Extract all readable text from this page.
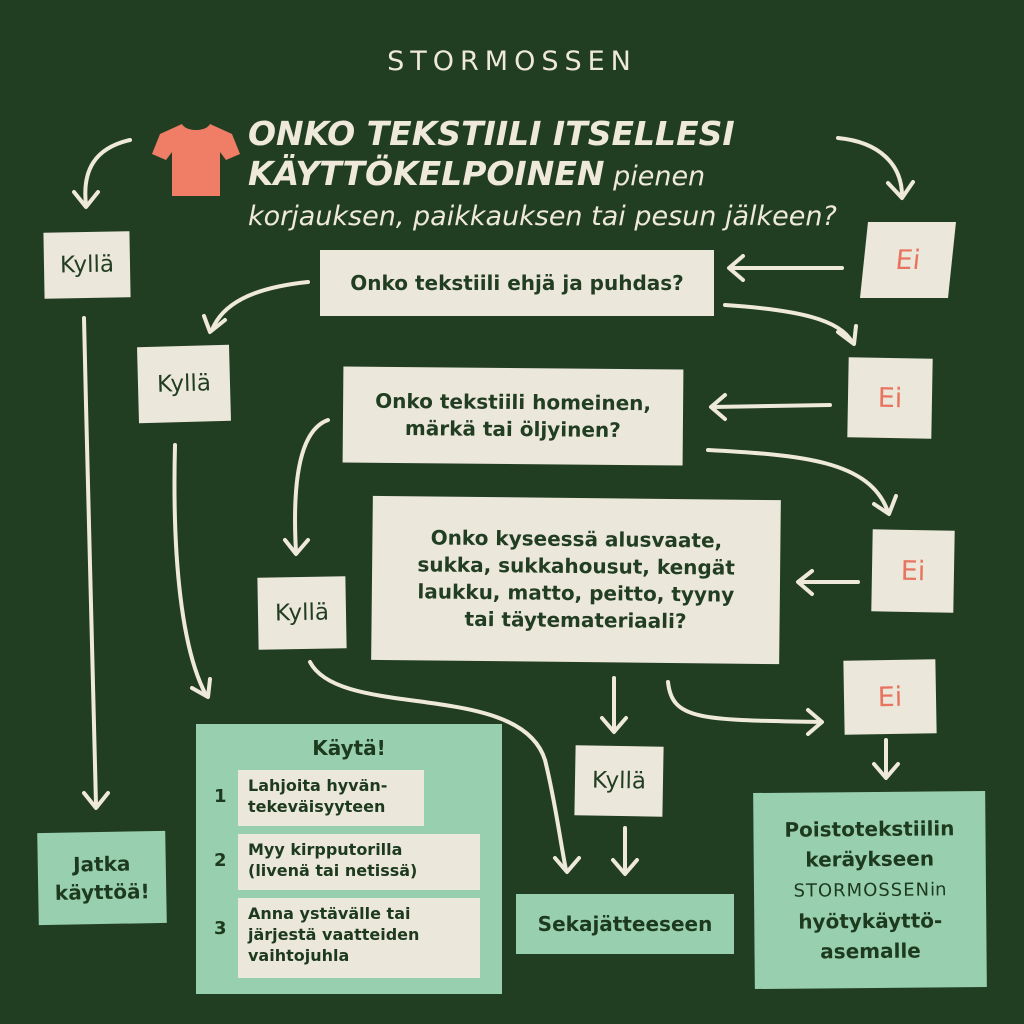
STORMOSSEN
ONKO TEKSTIILI ITSELLESI
KÄYTTÖKELPOINEN pienen
korjauksen, paikkauksen tai pesun jälkeen?
Onko tekstiili ehjä ja puhdas?
Onko tekstiili homeinen,
märkä tai öljyinen?
Onko kyseessä alusvaate,
sukka, sukkahousut, kengät
laukku, matto, peitto, tyyny
tai täytemateriaali?
Kyllä
Kyllä
Kyllä
Kyllä
Ei
Ei
Ei
Ei
Jatka
käyttöä!
Käytä!
1
Lahjoita hyvän-
tekeväisyyteen
2
Myy kirpputorilla
(livenä tai netissä)
3
Anna ystävälle tai
järjestä vaatteiden
vaihtojuhla
Sekajätteeseen
Poistotekstiilin
keräykseen
STORMOSSENin
hyötykäyttö-
asemalle
